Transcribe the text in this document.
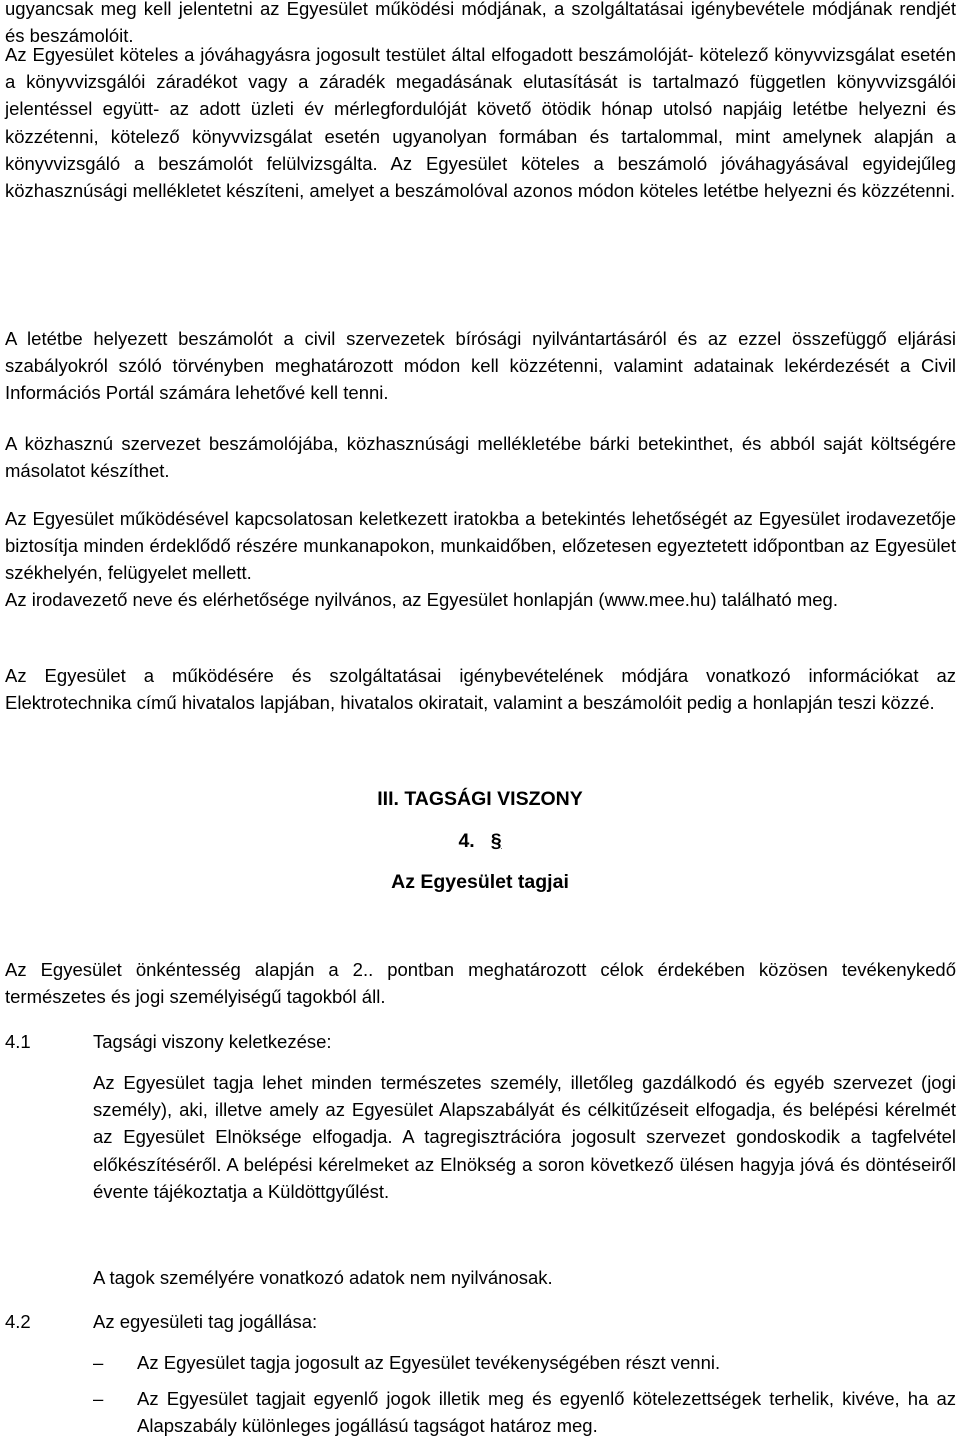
ugyancsak meg kell jelentetni az Egyesület működési módjának, a szolgáltatásai igénybevétele módjának rendjét és beszámolóit.

Az Egyesület köteles a jóváhagyásra jogosult testület által elfogadott beszámolóját- kötelező könyvvizsgálat esetén a könyvvizsgálói záradékot vagy a záradék megadásának elutasítását is tartalmazó független könyvvizsgálói jelentéssel együtt- az adott üzleti év mérlegfordulóját követő ötödik hónap utolsó napjáig letétbe helyezni és közzétenni, kötelező könyvvizsgálat esetén ugyanolyan formában és tartalommal, mint amelynek alapján a könyvvizsgáló a beszámolót felülvizsgálta. Az Egyesület köteles a beszámoló jóváhagyásával egyidejűleg közhasznúsági mellékletet készíteni, amelyet a beszámolóval azonos módon köteles letétbe helyezni és közzétenni.

A letétbe helyezett beszámolót a civil szervezetek bírósági nyilvántartásáról és az ezzel összefüggő eljárási szabályokról szóló törvényben meghatározott módon kell közzétenni, valamint adatainak lekérdezését a Civil Információs Portál számára lehetővé kell tenni.

A közhasznú szervezet beszámolójába, közhasznúsági mellékletébe bárki betekinthet, és abból saját költségére másolatot készíthet.

Az Egyesület működésével kapcsolatosan keletkezett iratokba a betekintés lehetőségét az Egyesület irodavezetője biztosítja minden érdeklődő részére munkanapokon, munkaidőben, előzetesen egyeztetett időpontban az Egyesület székhelyén, felügyelet mellett.

Az irodavezető neve és elérhetősége nyilvános, az Egyesület honlapján (www.mee.hu) található meg.

Az Egyesület a működésére és szolgáltatásai igénybevételének módjára vonatkozó információkat az Elektrotechnika című hivatalos lapjában, hivatalos okiratait, valamint a beszámolóit pedig a honlapján teszi közzé.

III. TAGSÁGI VISZONY
4. §
Az Egyesület tagjai

Az Egyesület önkéntesség alapján a 2.. pontban meghatározott célok érdekében közösen tevékenykedő természetes és jogi személyiségű tagokból áll.

4.1	Tagsági viszony keletkezése:

Az Egyesület tagja lehet minden természetes személy, illetőleg gazdálkodó és egyéb szervezet (jogi személy), aki, illetve amely az Egyesület Alapszabályát és célkitűzéseit elfogadja, és belépési kérelmét az Egyesület Elnöksége elfogadja. A tagregisztrációra jogosult szervezet gondoskodik a tagfelvétel előkészítéséről. A belépési kérelmeket az Elnökség a soron következő ülésen hagyja jóvá és döntéseiről évente tájékoztatja a Küldöttgyűlést.

A tagok személyére vonatkozó adatok nem nyilvánosak.

4.2	Az egyesületi tag jogállása:

– Az Egyesület tagja jogosult az Egyesület tevékenységében részt venni.

– Az Egyesület tagjait egyenlő jogok illetik meg és egyenlő kötelezettségek terhelik, kivéve, ha az Alapszabály különleges jogállású tagságot határoz meg.
